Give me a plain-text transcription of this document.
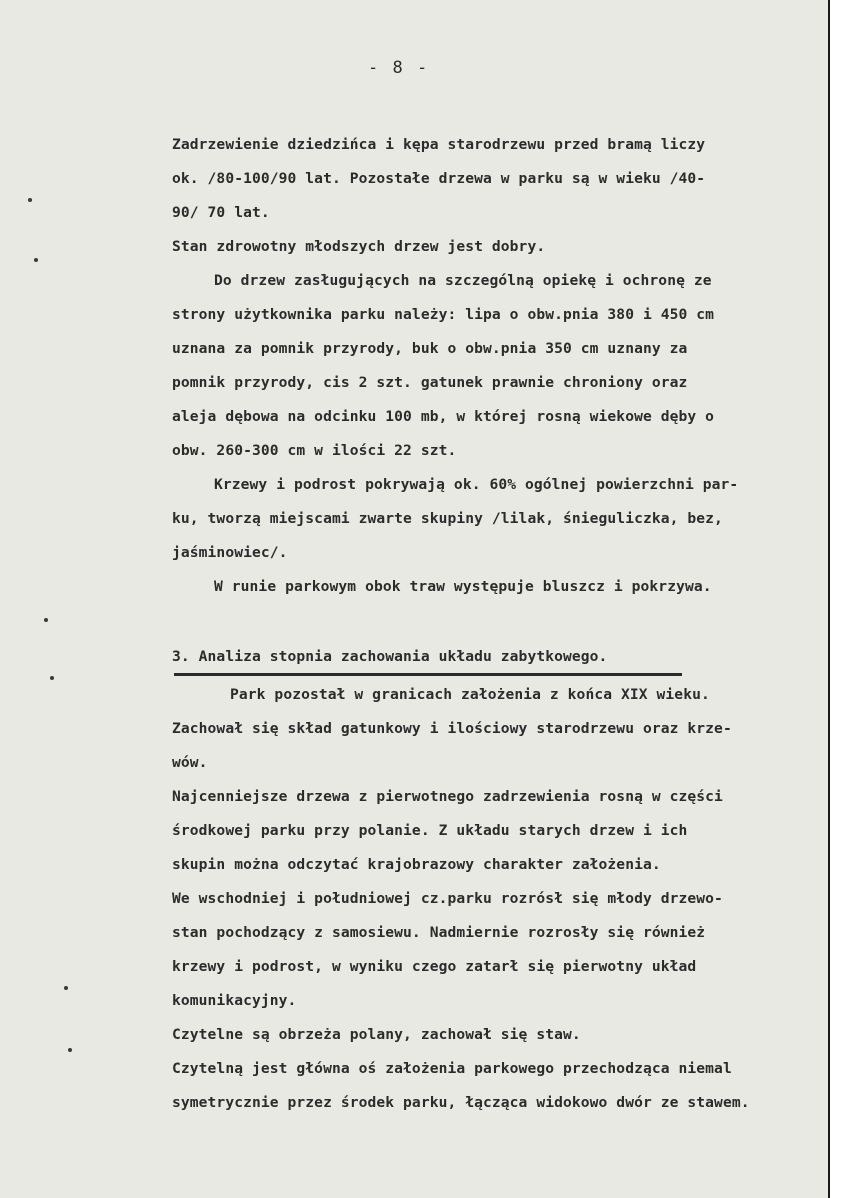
- 8 -
Zadrzewienie dziedzińca i kępa starodrzewu przed bramą liczy
ok. /80-100/90 lat. Pozostałe drzewa w parku są w wieku /40-
90/ 70 lat.
Stan zdrowotny młodszych drzew jest dobry.
Do drzew zasługujących na szczególną opiekę i ochronę ze
strony użytkownika parku należy: lipa o obw.pnia 380 i 450 cm
uznana za pomnik przyrody, buk o obw.pnia 350 cm uznany za
pomnik przyrody, cis 2 szt. gatunek prawnie chroniony oraz
aleja dębowa na odcinku 100 mb, w której rosną wiekowe dęby o
obw. 260-300 cm w ilości 22 szt.
Krzewy i podrost pokrywają ok. 60% ogólnej powierzchni par-
ku, tworzą miejscami zwarte skupiny /lilak, śnieguliczka, bez,
jaśminowiec/.
W runie parkowym obok traw występuje bluszcz i pokrzywa.
3. Analiza stopnia zachowania układu zabytkowego.
Park pozostał w granicach założenia z końca XIX wieku.
Zachował się skład gatunkowy i ilościowy starodrzewu oraz krze-
wów.
Najcenniejsze drzewa z pierwotnego zadrzewienia rosną w części
środkowej parku przy polanie. Z układu starych drzew i ich
skupin można odczytać krajobrazowy charakter założenia.
We wschodniej i południowej cz.parku rozrósł się młody drzewo-
stan pochodzący z samosiewu. Nadmiernie rozrosły się również
krzewy i podrost, w wyniku czego zatarł się pierwotny układ
komunikacyjny.
Czytelne są obrzeża polany, zachował się staw.
Czytelną jest główna oś założenia parkowego przechodząca niemal
symetrycznie przez środek parku, łącząca widokowo dwór ze stawem.
